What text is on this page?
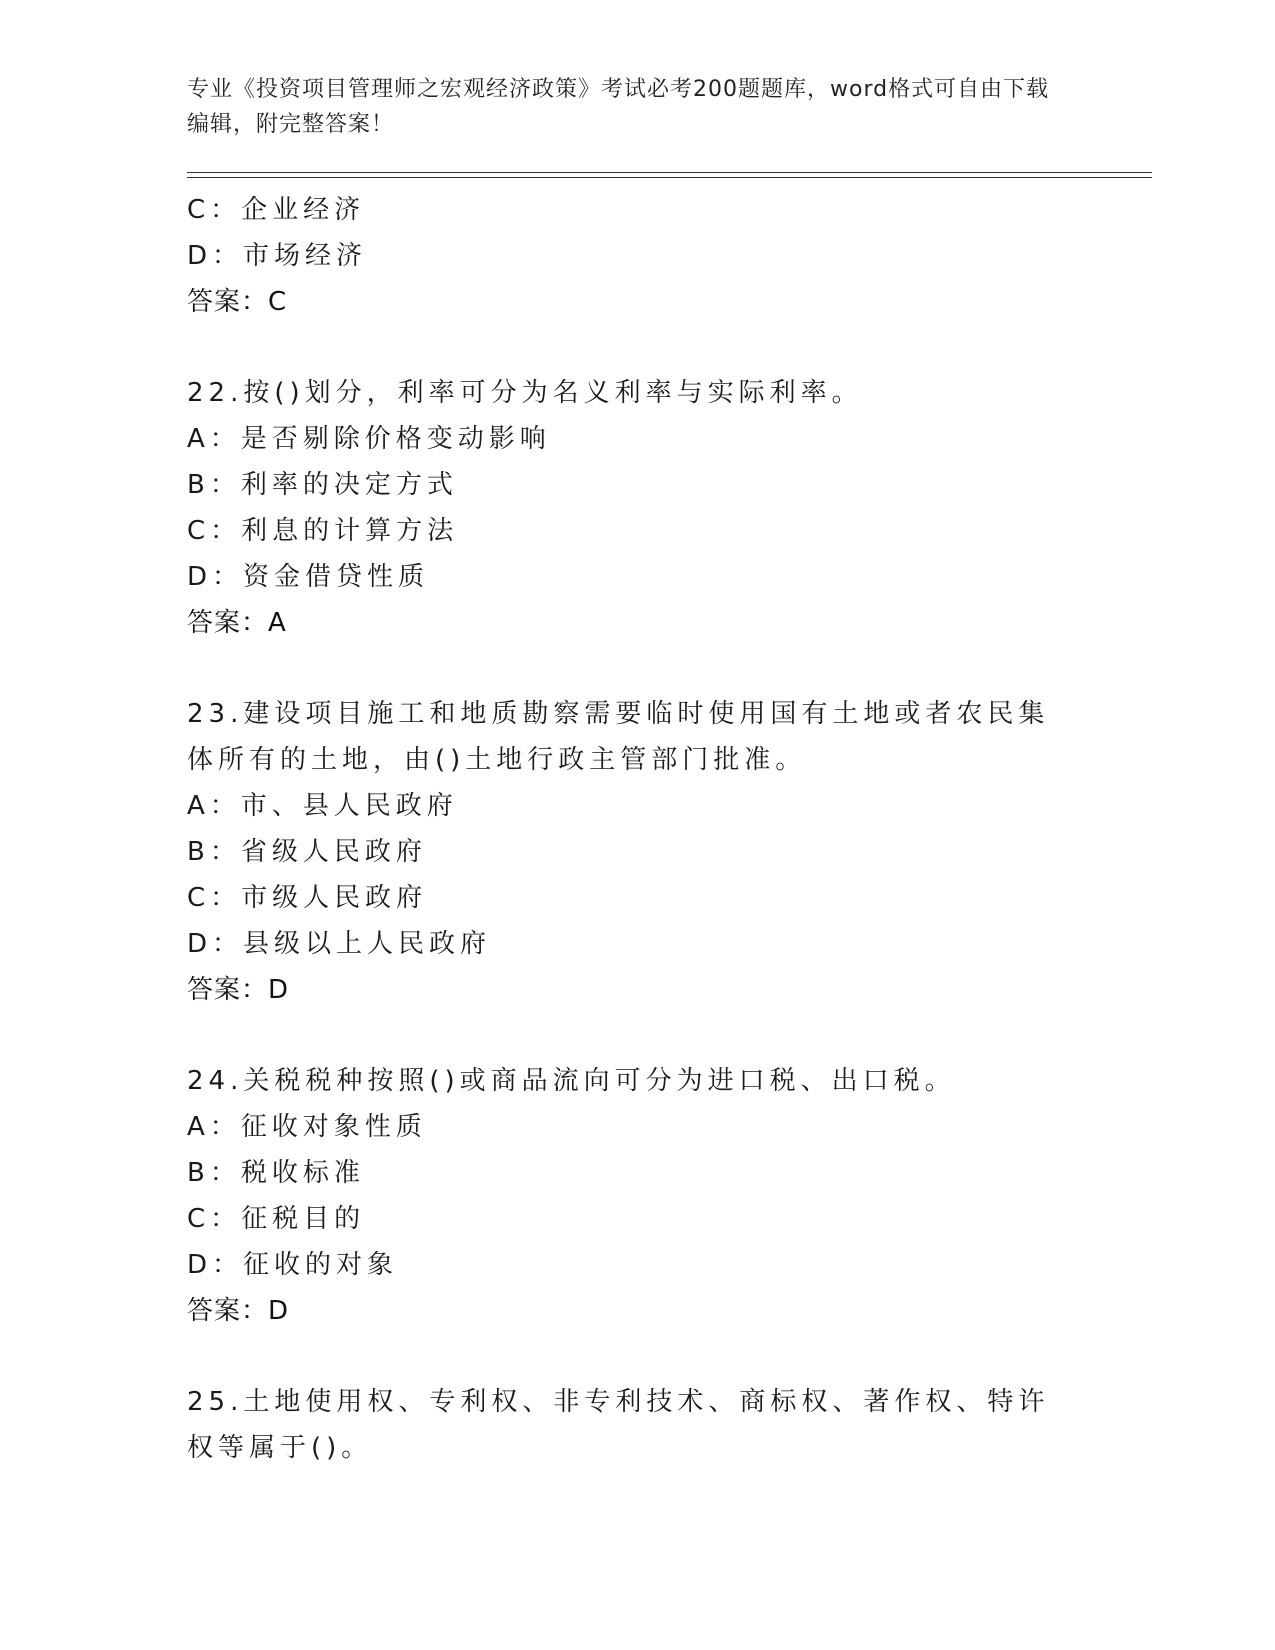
专业《投资项目管理师之宏观经济政策》考试必考200题题库，word格式可自由下载编辑，附完整答案！
C：企业经济
D：市场经济
答案：C
22.按()划分，利率可分为名义利率与实际利率。
A：是否剔除价格变动影响
B：利率的决定方式
C：利息的计算方法
D：资金借贷性质
答案：A
23.建设项目施工和地质勘察需要临时使用国有土地或者农民集体所有的土地，由()土地行政主管部门批准。
A：市、县人民政府
B：省级人民政府
C：市级人民政府
D：县级以上人民政府
答案：D
24.关税税种按照()或商品流向可分为进口税、出口税。
A：征收对象性质
B：税收标准
C：征税目的
D：征收的对象
答案：D
25.土地使用权、专利权、非专利技术、商标权、著作权、特许权等属于()。
